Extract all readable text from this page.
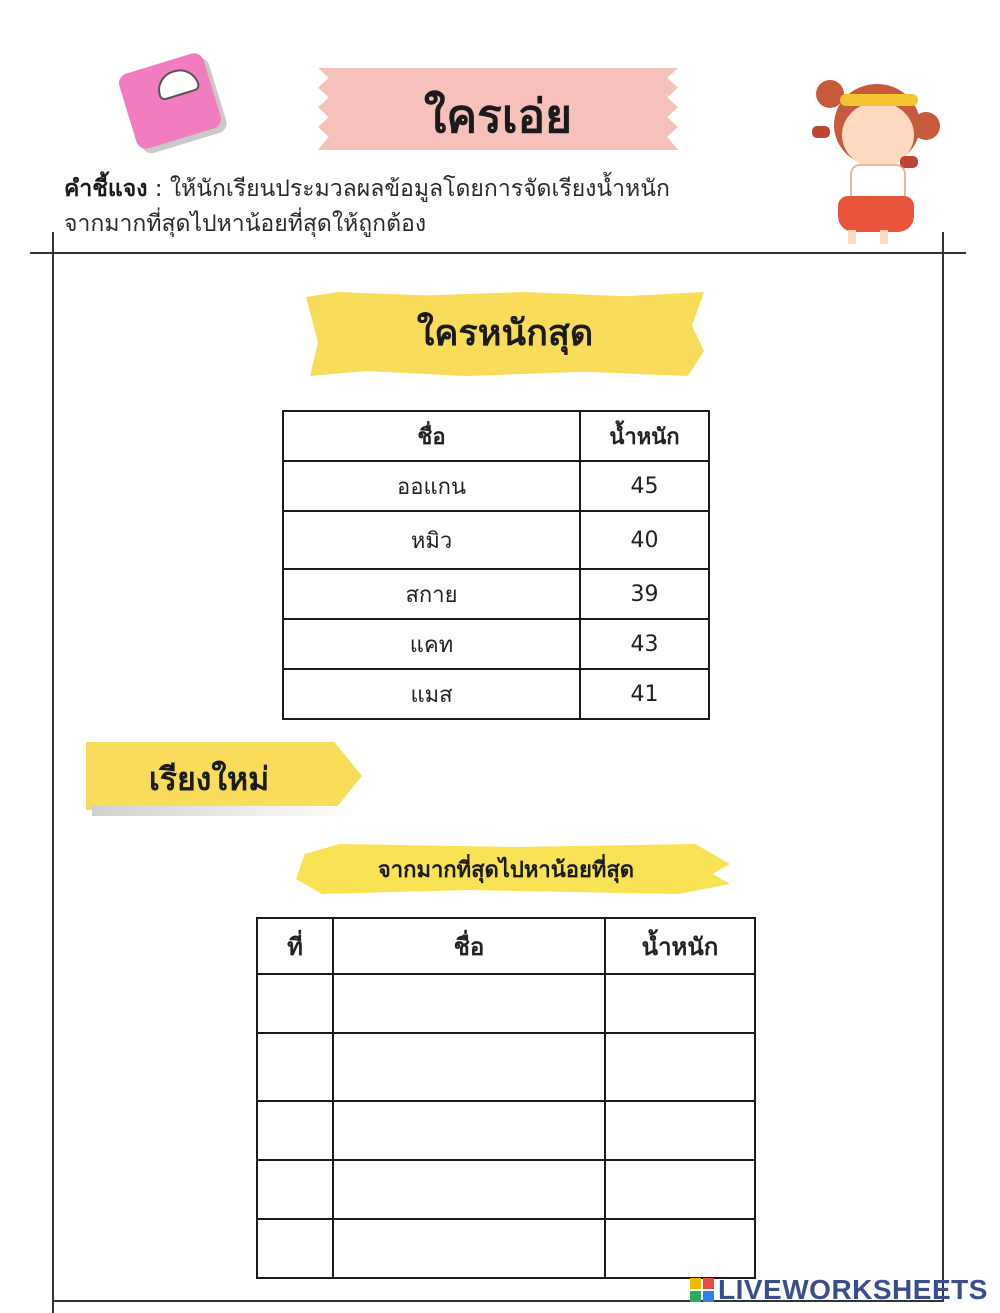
ใครเอ่ย
คำชี้แจง : ให้นักเรียนประมวลผลข้อมูลโดยการจัดเรียงน้ำหนัก
จากมากที่สุดไปหาน้อยที่สุดให้ถูกต้อง
ใครหนักสุด
ชื่อ	น้ำหนัก
ออแกน	45
หมิว	40
สกาย	39
แคท	43
แมส	41
เรียงใหม่
จากมากที่สุดไปหาน้อยที่สุด
ที่	ชื่อ	น้ำหนัก

LIVEWORKSHEETS
